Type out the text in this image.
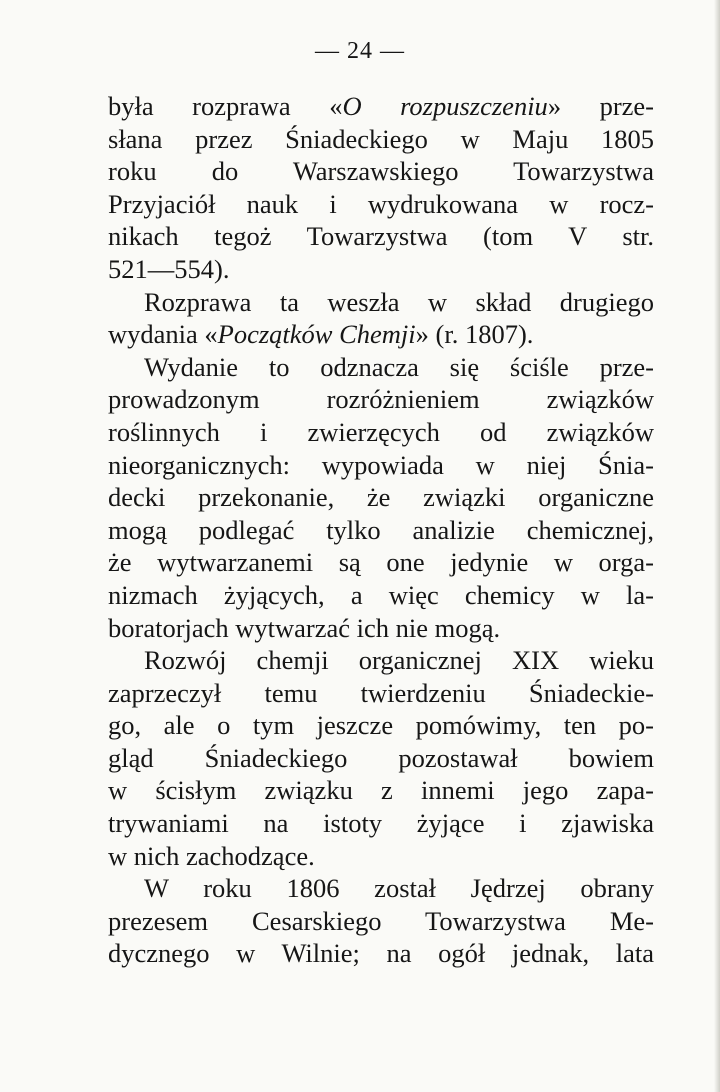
— 24 —
była rozprawa «O rozpuszczeniu» prze-
słana przez Śniadeckiego w Maju 1805
roku do Warszawskiego Towarzystwa
Przyjaciół nauk i wydrukowana w rocz-
nikach tegoż Towarzystwa (tom V str.
521—554).
Rozprawa ta weszła w skład drugiego
wydania «Początków Chemji» (r. 1807).
Wydanie to odznacza się ściśle prze-
prowadzonym rozróżnieniem związków
roślinnych i zwierzęcych od związków
nieorganicznych: wypowiada w niej Śnia-
decki przekonanie, że związki organiczne
mogą podlegać tylko analizie chemicznej,
że wytwarzanemi są one jedynie w orga-
nizmach żyjących, a więc chemicy w la-
boratorjach wytwarzać ich nie mogą.
Rozwój chemji organicznej XIX wieku
zaprzeczył temu twierdzeniu Śniadeckie-
go, ale o tym jeszcze pomówimy, ten po-
gląd Śniadeckiego pozostawał bowiem
w ścisłym związku z innemi jego zapa-
trywaniami na istoty żyjące i zjawiska
w nich zachodzące.
W roku 1806 został Jędrzej obrany
prezesem Cesarskiego Towarzystwa Me-
dycznego w Wilnie; na ogół jednak, lata
